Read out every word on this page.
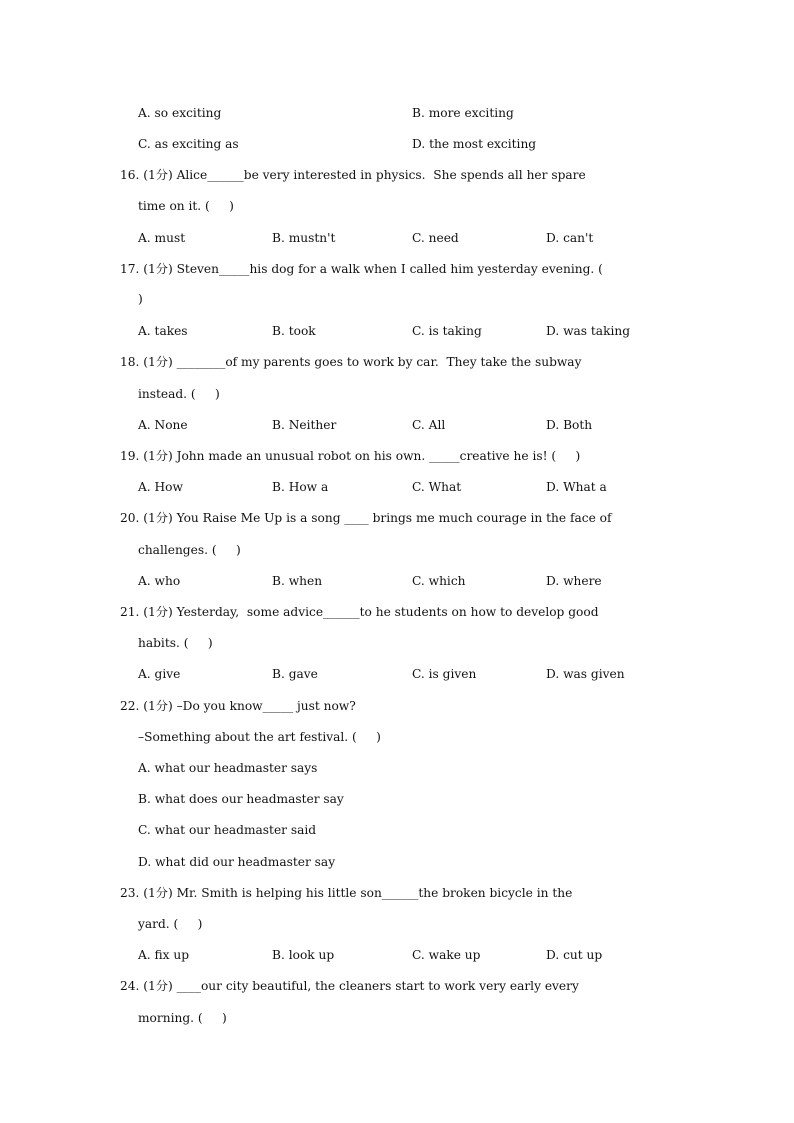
A. so exciting	B. more exciting
C. as exciting as	D. the most exciting
16. (1分) Alice______be very interested in physics.  She spends all her spare
time on it. (     )
A. must	B. mustn't	C. need	D. can't
17. (1分) Steven_____his dog for a walk when I called him yesterday evening. (
)
A. takes	B. took	C. is taking	D. was taking
18. (1分) ________of my parents goes to work by car.  They take the subway
instead. (     )
A. None	B. Neither	C. All	D. Both
19. (1分) John made an unusual robot on his own. _____creative he is! (     )
A. How	B. How a	C. What	D. What a
20. (1分) You Raise Me Up is a song ____ brings me much courage in the face of
challenges. (     )
A. who	B. when	C. which	D. where
21. (1分) Yesterday,  some advice______to he students on how to develop good
habits. (     )
A. give	B. gave	C. is given	D. was given
22. (1分) –Do you know_____ just now?
–Something about the art festival. (     )
A. what our headmaster says
B. what does our headmaster say
C. what our headmaster said
D. what did our headmaster say
23. (1分) Mr. Smith is helping his little son______the broken bicycle in the
yard. (     )
A. fix up	B. look up	C. wake up	D. cut up
24. (1分) ____our city beautiful, the cleaners start to work very early every
morning. (     )
